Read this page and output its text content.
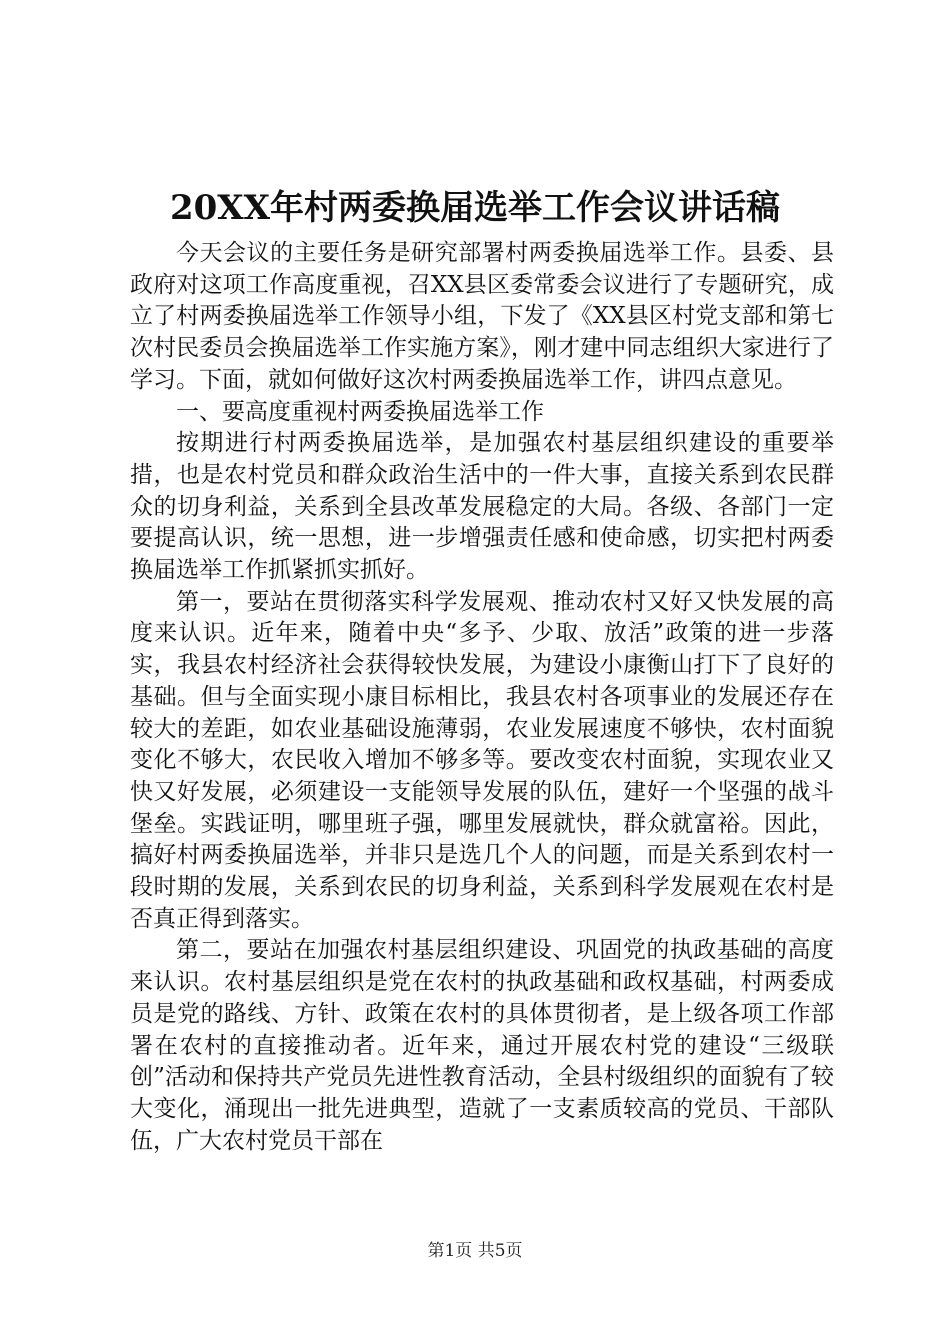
20XX年村两委换届选举工作会议讲话稿

今天会议的主要任务是研究部署村两委换届选举工作。县委、县政府对这项工作高度重视，召XX县区委常委会议进行了专题研究，成立了村两委换届选举工作领导小组，下发了《XX县区村党支部和第七次村民委员会换届选举工作实施方案》，刚才建中同志组织大家进行了学习。下面，就如何做好这次村两委换届选举工作，讲四点意见。

一、要高度重视村两委换届选举工作

按期进行村两委换届选举，是加强农村基层组织建设的重要举措，也是农村党员和群众政治生活中的一件大事，直接关系到农民群众的切身利益，关系到全县改革发展稳定的大局。各级、各部门一定要提高认识，统一思想，进一步增强责任感和使命感，切实把村两委换届选举工作抓紧抓实抓好。

第一，要站在贯彻落实科学发展观、推动农村又好又快发展的高度来认识。近年来，随着中央“多予、少取、放活”政策的进一步落实，我县农村经济社会获得较快发展，为建设小康衡山打下了良好的基础。但与全面实现小康目标相比，我县农村各项事业的发展还存在较大的差距，如农业基础设施薄弱，农业发展速度不够快，农村面貌变化不够大，农民收入增加不够多等。要改变农村面貌，实现农业又快又好发展，必须建设一支能领导发展的队伍，建好一个坚强的战斗堡垒。实践证明，哪里班子强，哪里发展就快，群众就富裕。因此，搞好村两委换届选举，并非只是选几个人的问题，而是关系到农村一段时期的发展，关系到农民的切身利益，关系到科学发展观在农村是否真正得到落实。

第二，要站在加强农村基层组织建设、巩固党的执政基础的高度来认识。农村基层组织是党在农村的执政基础和政权基础，村两委成员是党的路线、方针、政策在农村的具体贯彻者，是上级各项工作部署在农村的直接推动者。近年来，通过开展农村党的建设“三级联创”活动和保持共产党员先进性教育活动，全县村级组织的面貌有了较大变化，涌现出一批先进典型，造就了一支素质较高的党员、干部队伍，广大农村党员干部在

第1页 共5页
